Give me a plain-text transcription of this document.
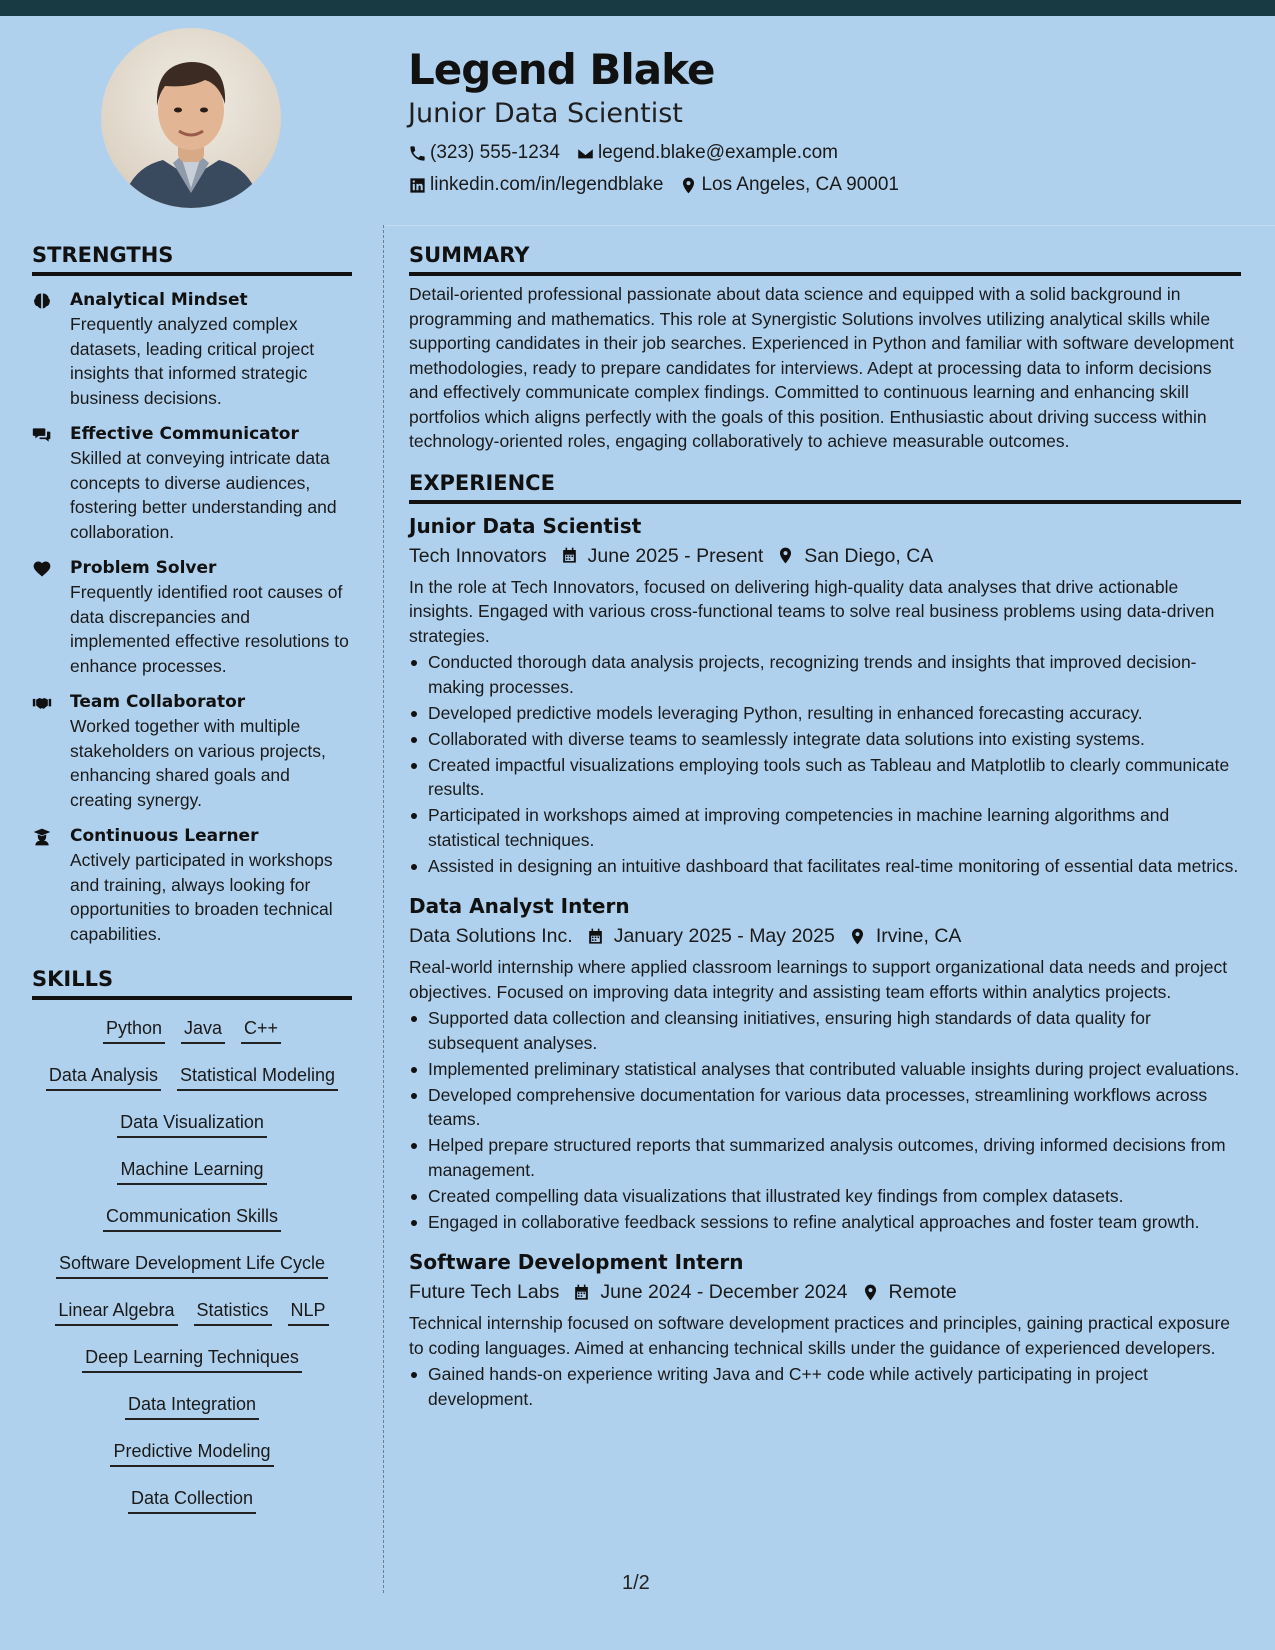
Legend Blake
Junior Data Scientist
(323) 555-1234 legend.blake@example.com
linkedin.com/in/legendblake Los Angeles, CA 90001
STRENGTHS
Analytical Mindset
Frequently analyzed complex datasets, leading critical project insights that informed strategic business decisions.
Effective Communicator
Skilled at conveying intricate data concepts to diverse audiences, fostering better understanding and collaboration.
Problem Solver
Frequently identified root causes of data discrepancies and implemented effective resolutions to enhance processes.
Team Collaborator
Worked together with multiple stakeholders on various projects, enhancing shared goals and creating synergy.
Continuous Learner
Actively participated in workshops and training, always looking for opportunities to broaden technical capabilities.
SKILLS
Python Java C++
Data Analysis Statistical Modeling
Data Visualization
Machine Learning
Communication Skills
Software Development Life Cycle
Linear Algebra Statistics NLP
Deep Learning Techniques
Data Integration
Predictive Modeling
Data Collection
SUMMARY
Detail-oriented professional passionate about data science and equipped with a solid background in programming and mathematics. This role at Synergistic Solutions involves utilizing analytical skills while supporting candidates in their job searches. Experienced in Python and familiar with software development methodologies, ready to prepare candidates for interviews. Adept at processing data to inform decisions and effectively communicate complex findings. Committed to continuous learning and enhancing skill portfolios which aligns perfectly with the goals of this position. Enthusiastic about driving success within technology-oriented roles, engaging collaboratively to achieve measurable outcomes.
EXPERIENCE
Junior Data Scientist
Tech Innovators June 2025 - Present San Diego, CA
In the role at Tech Innovators, focused on delivering high-quality data analyses that drive actionable insights. Engaged with various cross-functional teams to solve real business problems using data-driven strategies.
Conducted thorough data analysis projects, recognizing trends and insights that improved decision-making processes.
Developed predictive models leveraging Python, resulting in enhanced forecasting accuracy.
Collaborated with diverse teams to seamlessly integrate data solutions into existing systems.
Created impactful visualizations employing tools such as Tableau and Matplotlib to clearly communicate results.
Participated in workshops aimed at improving competencies in machine learning algorithms and statistical techniques.
Assisted in designing an intuitive dashboard that facilitates real-time monitoring of essential data metrics.
Data Analyst Intern
Data Solutions Inc. January 2025 - May 2025 Irvine, CA
Real-world internship where applied classroom learnings to support organizational data needs and project objectives. Focused on improving data integrity and assisting team efforts within analytics projects.
Supported data collection and cleansing initiatives, ensuring high standards of data quality for subsequent analyses.
Implemented preliminary statistical analyses that contributed valuable insights during project evaluations.
Developed comprehensive documentation for various data processes, streamlining workflows across teams.
Helped prepare structured reports that summarized analysis outcomes, driving informed decisions from management.
Created compelling data visualizations that illustrated key findings from complex datasets.
Engaged in collaborative feedback sessions to refine analytical approaches and foster team growth.
Software Development Intern
Future Tech Labs June 2024 - December 2024 Remote
Technical internship focused on software development practices and principles, gaining practical exposure to coding languages. Aimed at enhancing technical skills under the guidance of experienced developers.
Gained hands-on experience writing Java and C++ code while actively participating in project development.
1/2
